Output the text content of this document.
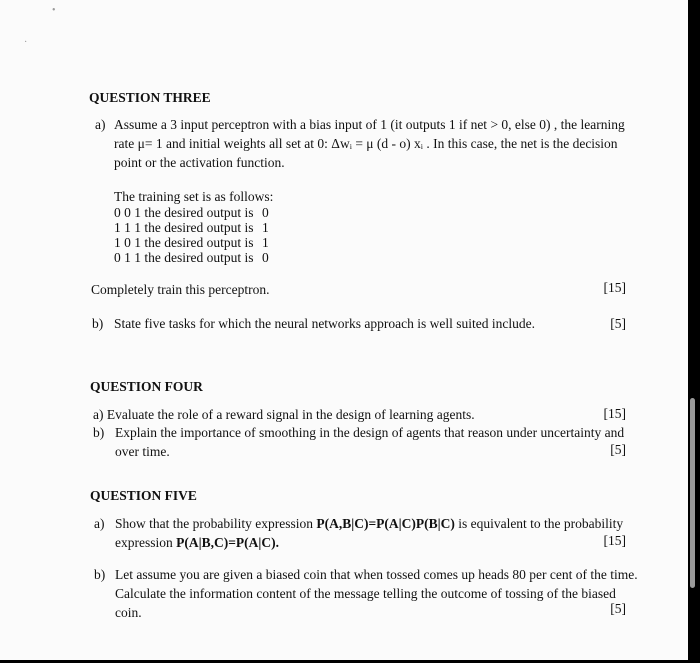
•
·
QUESTION THREE
a) Assume a 3 input perceptron with a bias input of 1 (it outputs 1 if net > 0, else 0) , the learning
rate μ= 1 and initial weights all set at 0: Δwᵢ = μ (d - o) xᵢ . In this case, the net is the decision
point or the activation function.
The training set is as follows:
0 0 1 the desired output is 0
1 1 1 the desired output is 1
1 0 1 the desired output is 1
0 1 1 the desired output is 0
Completely train this perceptron.	[15]
b) State five tasks for which the neural networks approach is well suited include.	[5]
QUESTION FOUR
a) Evaluate the role of a reward signal in the design of learning agents.	[15]
b) Explain the importance of smoothing in the design of agents that reason under uncertainty and
over time.	[5]
QUESTION FIVE
a) Show that the probability expression P(A,B|C)=P(A|C)P(B|C) is equivalent to the probability
expression P(A|B,C)=P(A|C).	[15]
b) Let assume you are given a biased coin that when tossed comes up heads 80 per cent of the time.
Calculate the information content of the message telling the outcome of tossing of the biased
coin.	[5]
